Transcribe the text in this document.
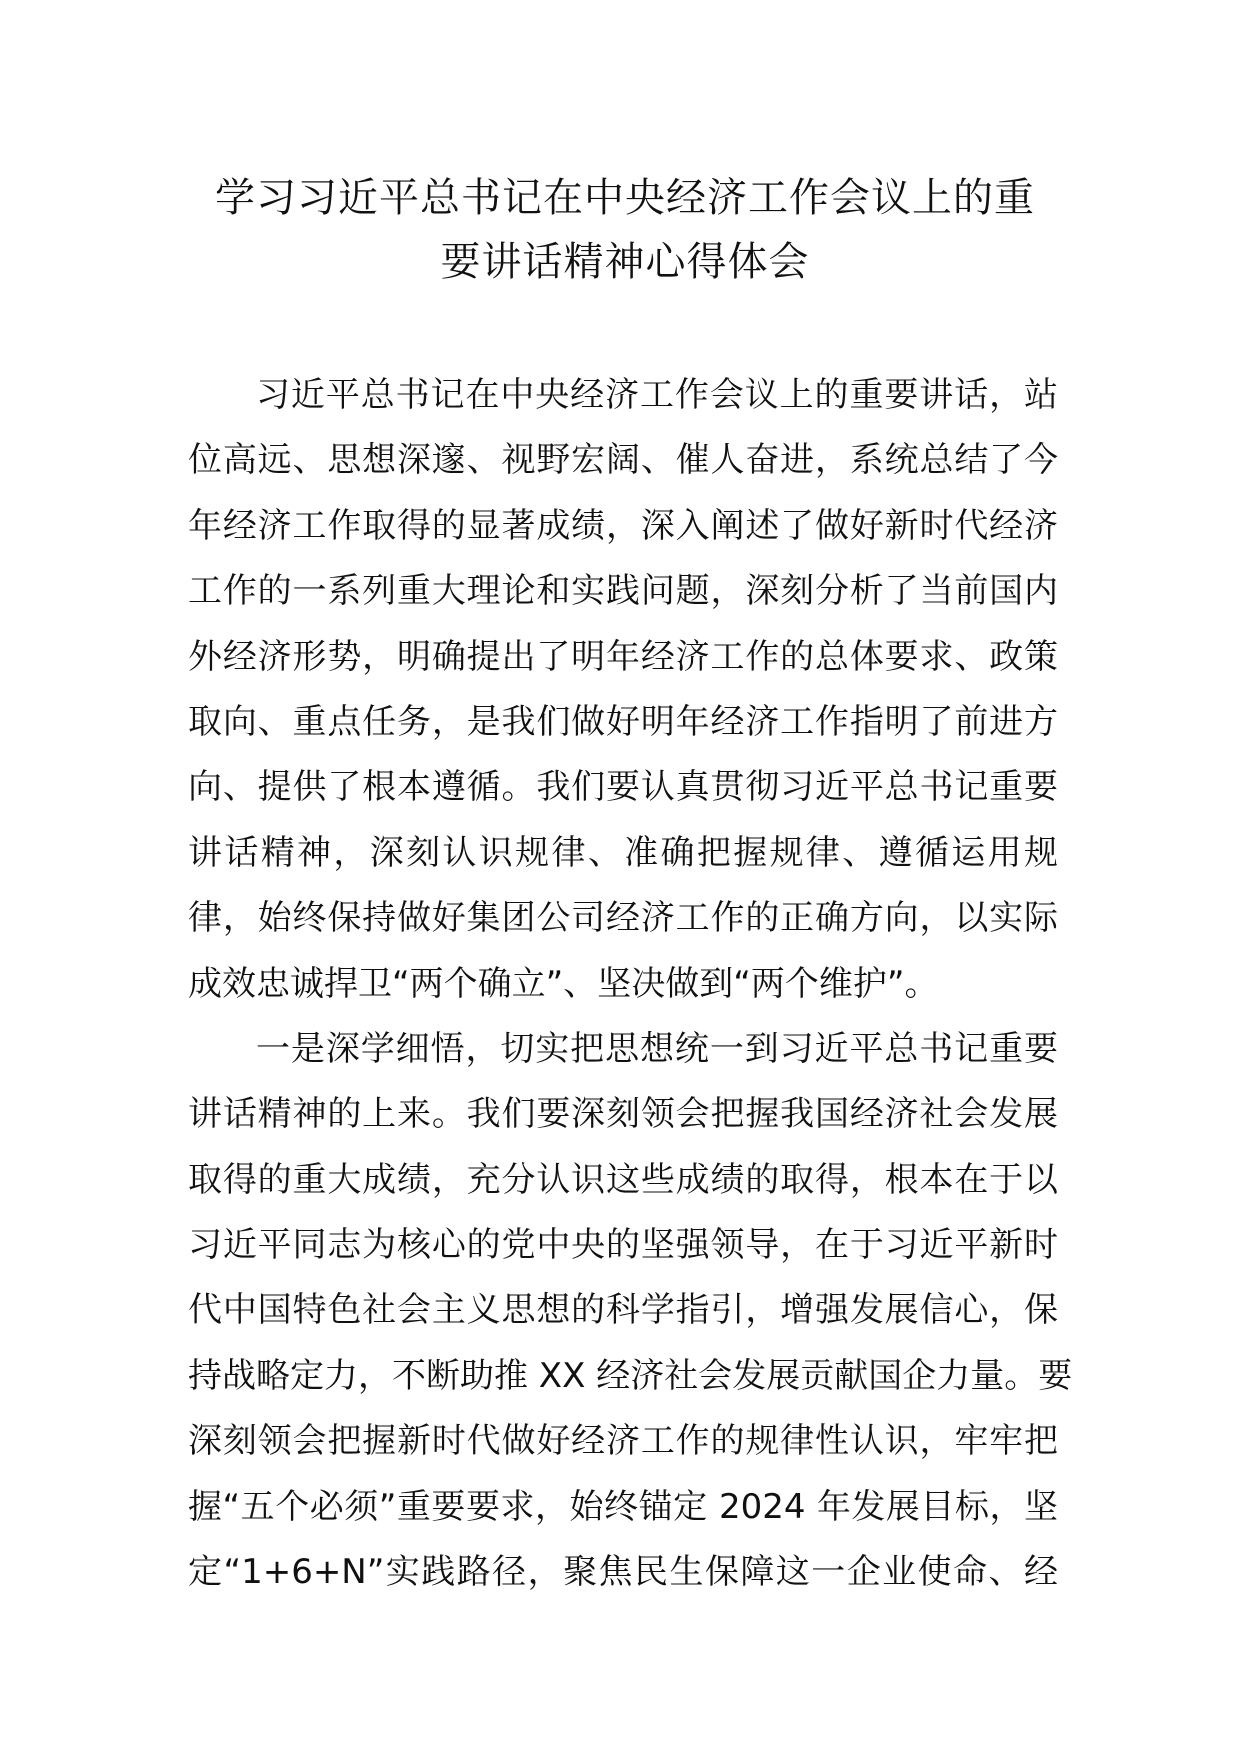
学习习近平总书记在中央经济工作会议上的重
要讲话精神心得体会
习近平总书记在中央经济工作会议上的重要讲话，站
位高远、思想深邃、视野宏阔、催人奋进，系统总结了今
年经济工作取得的显著成绩，深入阐述了做好新时代经济
工作的一系列重大理论和实践问题，深刻分析了当前国内
外经济形势，明确提出了明年经济工作的总体要求、政策
取向、重点任务，是我们做好明年经济工作指明了前进方
向、提供了根本遵循。我们要认真贯彻习近平总书记重要
讲话精神，深刻认识规律、准确把握规律、遵循运用规
律，始终保持做好集团公司经济工作的正确方向，以实际
成效忠诚捍卫“两个确立”、坚决做到“两个维护”。
一是深学细悟，切实把思想统一到习近平总书记重要
讲话精神的上来。我们要深刻领会把握我国经济社会发展
取得的重大成绩，充分认识这些成绩的取得，根本在于以
习近平同志为核心的党中央的坚强领导，在于习近平新时
代中国特色社会主义思想的科学指引，增强发展信心，保
持战略定力，不断助推 XX 经济社会发展贡献国企力量。要
深刻领会把握新时代做好经济工作的规律性认识，牢牢把
握“五个必须”重要要求，始终锚定 2024 年发展目标，坚
定“1+6+N”实践路径，聚焦民生保障这一企业使命、经
